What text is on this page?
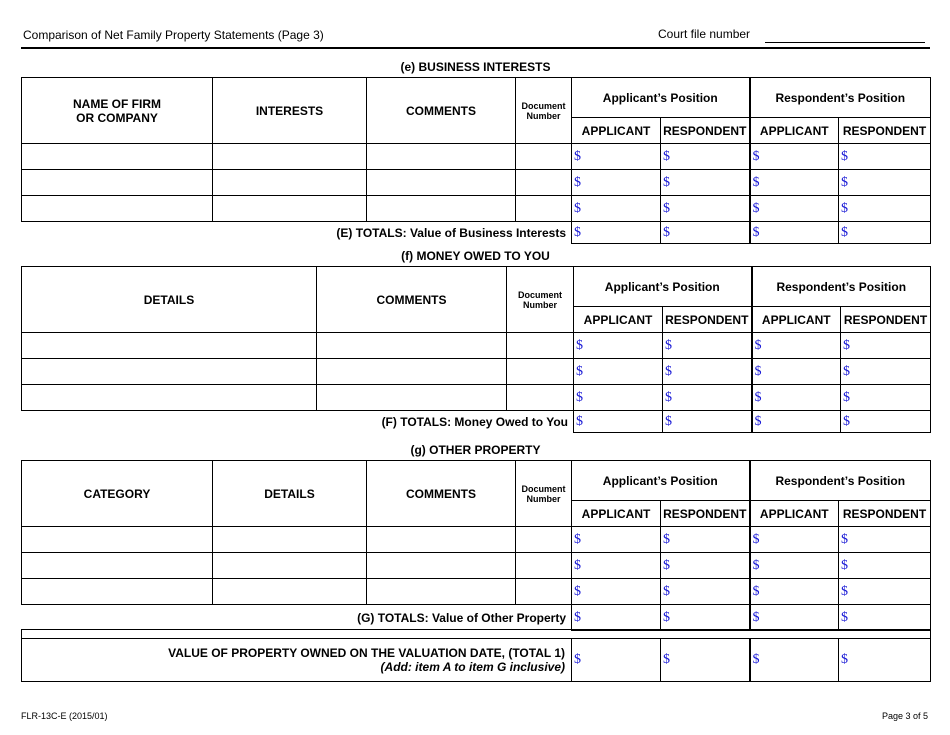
Comparison of Net Family Property Statements (Page 3)	Court file number
(e) BUSINESS INTERESTS
NAME OF FIRM
OR COMPANY	INTERESTS	COMMENTS	Document
Number	Applicant’s Position		Respondent’s Position	
				APPLICANT	RESPONDENT	APPLICANT	RESPONDENT
				$	$	$	$
				$	$	$	$
				$	$	$	$
(E) TOTALS: Value of Business Interests				$	$	$	$
(f) MONEY OWED TO YOU
DETAILS	COMMENTS	Document
Number	Applicant’s Position		Respondent’s Position	
			APPLICANT	RESPONDENT	APPLICANT	RESPONDENT
			$	$	$	$
			$	$	$	$
			$	$	$	$
(F) TOTALS: Money Owed to You			$	$	$	$
(g) OTHER PROPERTY
CATEGORY	DETAILS	COMMENTS	Document
Number	Applicant’s Position		Respondent’s Position	
				APPLICANT	RESPONDENT	APPLICANT	RESPONDENT
				$	$	$	$
				$	$	$	$
				$	$	$	$
(G) TOTALS: Value of Other Property				$	$	$	$

VALUE OF PROPERTY OWNED ON THE VALUATION DATE, (TOTAL 1)
(Add: item A to item G inclusive)	$	$	$	$
FLR-13C-E (2015/01)	Page 3 of 5
